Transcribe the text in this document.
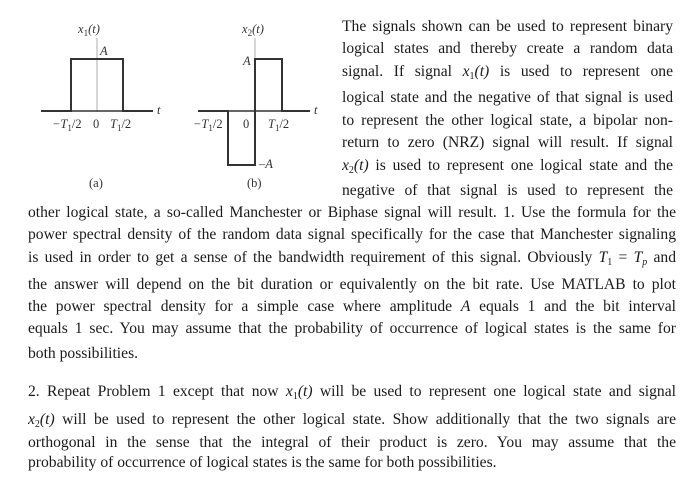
$x_1(t)$
A
t
$-T_1/2$ 0 $T_1/2$
(a)
$x_2(t)$
A
–A
t
$-T_1/2$ 0 $T_1/2$
(b)
The signals shown can be used to represent binary
logical states and thereby create a random data
signal. If signal $x_1(t)$ is used to represent one
logical state and the negative of that signal is used
to represent the other logical state, a bipolar non-
return to zero (NRZ) signal will result. If signal
$x_2(t)$ is used to represent one logical state and the
negative of that signal is used to represent the
other logical state, a so-called Manchester or Biphase signal will result. 1. Use the formula for the
power spectral density of the random data signal specifically for the case that Manchester signaling
is used in order to get a sense of the bandwidth requirement of this signal. Obviously $T_1 = T_p$ and
the answer will depend on the bit duration or equivalently on the bit rate. Use MATLAB to plot
the power spectral density for a simple case where amplitude A equals 1 and the bit interval
equals 1 sec. You may assume that the probability of occurrence of logical states is the same for
both possibilities.
2. Repeat Problem 1 except that now $x_1(t)$ will be used to represent one logical state and signal
$x_2(t)$ will be used to represent the other logical state. Show additionally that the two signals are
orthogonal in the sense that the integral of their product is zero. You may assume that the
probability of occurrence of logical states is the same for both possibilities.
